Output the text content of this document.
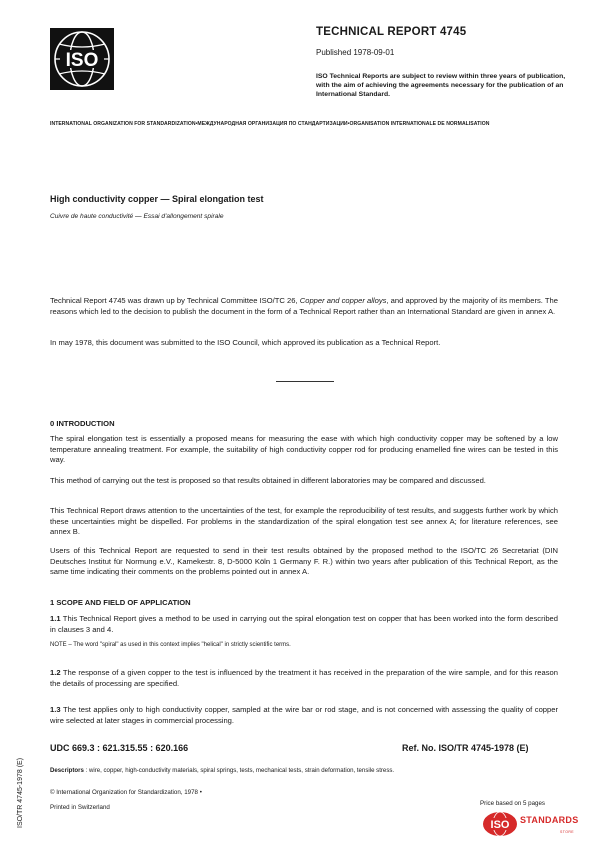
ISO
TECHNICAL REPORT 4745
Published 1978-09-01
ISO Technical Reports are subject to review within three years of publication, with the aim of achieving the agreements necessary for the publication of an International Standard.
INTERNATIONAL ORGANIZATION FOR STANDARDIZATION•МЕЖДУНАРОДНАЯ ОРГАНИЗАЦИЯ ПО СТАНДАРТИЗАЦИИ•ORGANISATION INTERNATIONALE DE NORMALISATION
High conductivity copper — Spiral elongation test
Cuivre de haute conductivité — Essai d'allongement spirale
Technical Report 4745 was drawn up by Technical Committee ISO/TC 26, Copper and copper alloys, and approved by the majority of its members. The reasons which led to the decision to publish the document in the form of a Technical Report rather than an International Standard are given in annex A.
In may 1978, this document was submitted to the ISO Council, which approved its publication as a Technical Report.
0 INTRODUCTION
The spiral elongation test is essentially a proposed means for measuring the ease with which high conductivity copper may be softened by a low temperature annealing treatment. For example, the suitability of high conductivity copper rod for producing enamelled fine wires can be tested in this way.
This method of carrying out the test is proposed so that results obtained in different laboratories may be compared and discussed.
This Technical Report draws attention to the uncertainties of the test, for example the reproducibility of test results, and suggests further work by which these uncertainties might be dispelled. For problems in the standardization of the spiral elongation test see annex A; for literature references, see annex B.
Users of this Technical Report are requested to send in their test results obtained by the proposed method to the ISO/TC 26 Secretariat (DIN Deutsches Institut für Normung e.V., Kamekestr. 8, D-5000 Köln 1 Germany F. R.) within two years after publication of this Technical Report, as the same time indicating their comments on the problems pointed out in annex A.
1 SCOPE AND FIELD OF APPLICATION
1.1 This Technical Report gives a method to be used in carrying out the spiral elongation test on copper that has been worked into the form described in clauses 3 and 4.
NOTE – The word "spiral" as used in this context implies "helical" in strictly scientific terms.
1.2 The response of a given copper to the test is influenced by the treatment it has received in the preparation of the wire sample, and for this reason the details of processing are specified.
1.3 The test applies only to high conductivity copper, sampled at the wire bar or rod stage, and is not concerned with assessing the quality of copper wire selected at later stages in commercial processing.
UDC 669.3 : 621.315.55 : 620.166	Ref. No. ISO/TR 4745-1978 (E)
Descriptors : wire, copper, high-conductivity materials, spiral springs, tests, mechanical tests, strain deformation, tensile stress.
© International Organization for Standardization, 1978 •
Printed in Switzerland
Price based on 5 pages
ISO/TR 4745-1978 (E)	ISO STANDARDS
STORE
